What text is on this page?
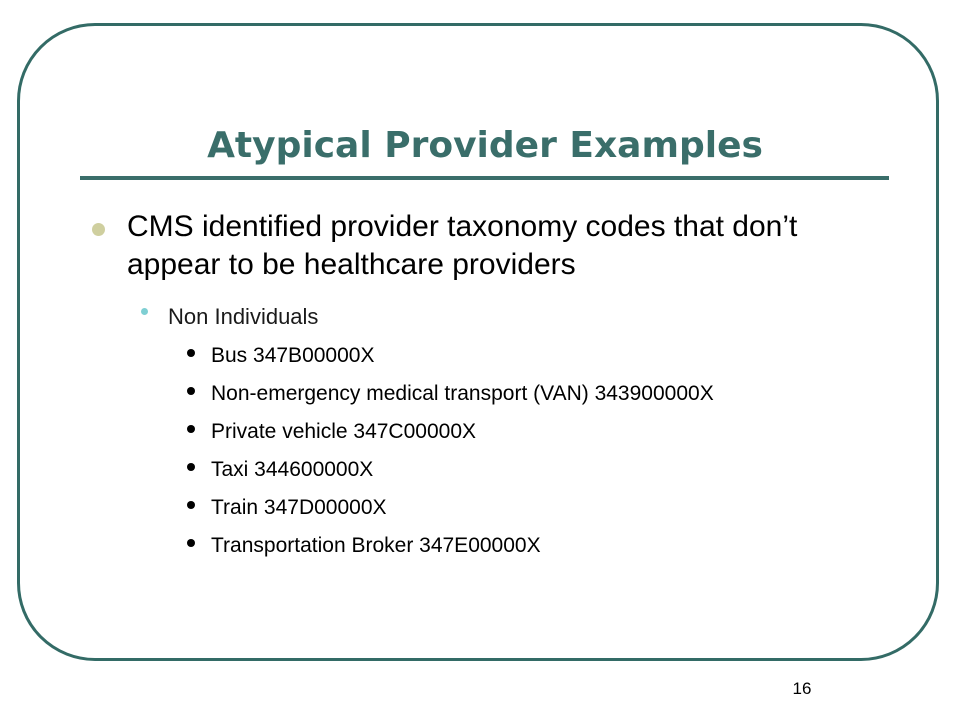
Atypical Provider Examples
CMS identified provider taxonomy codes that don’t appear to be healthcare providers
Non Individuals
Bus 347B00000X
Non-emergency medical transport (VAN) 343900000X
Private vehicle 347C00000X
Taxi 344600000X
Train 347D00000X
Transportation Broker 347E00000X
16
